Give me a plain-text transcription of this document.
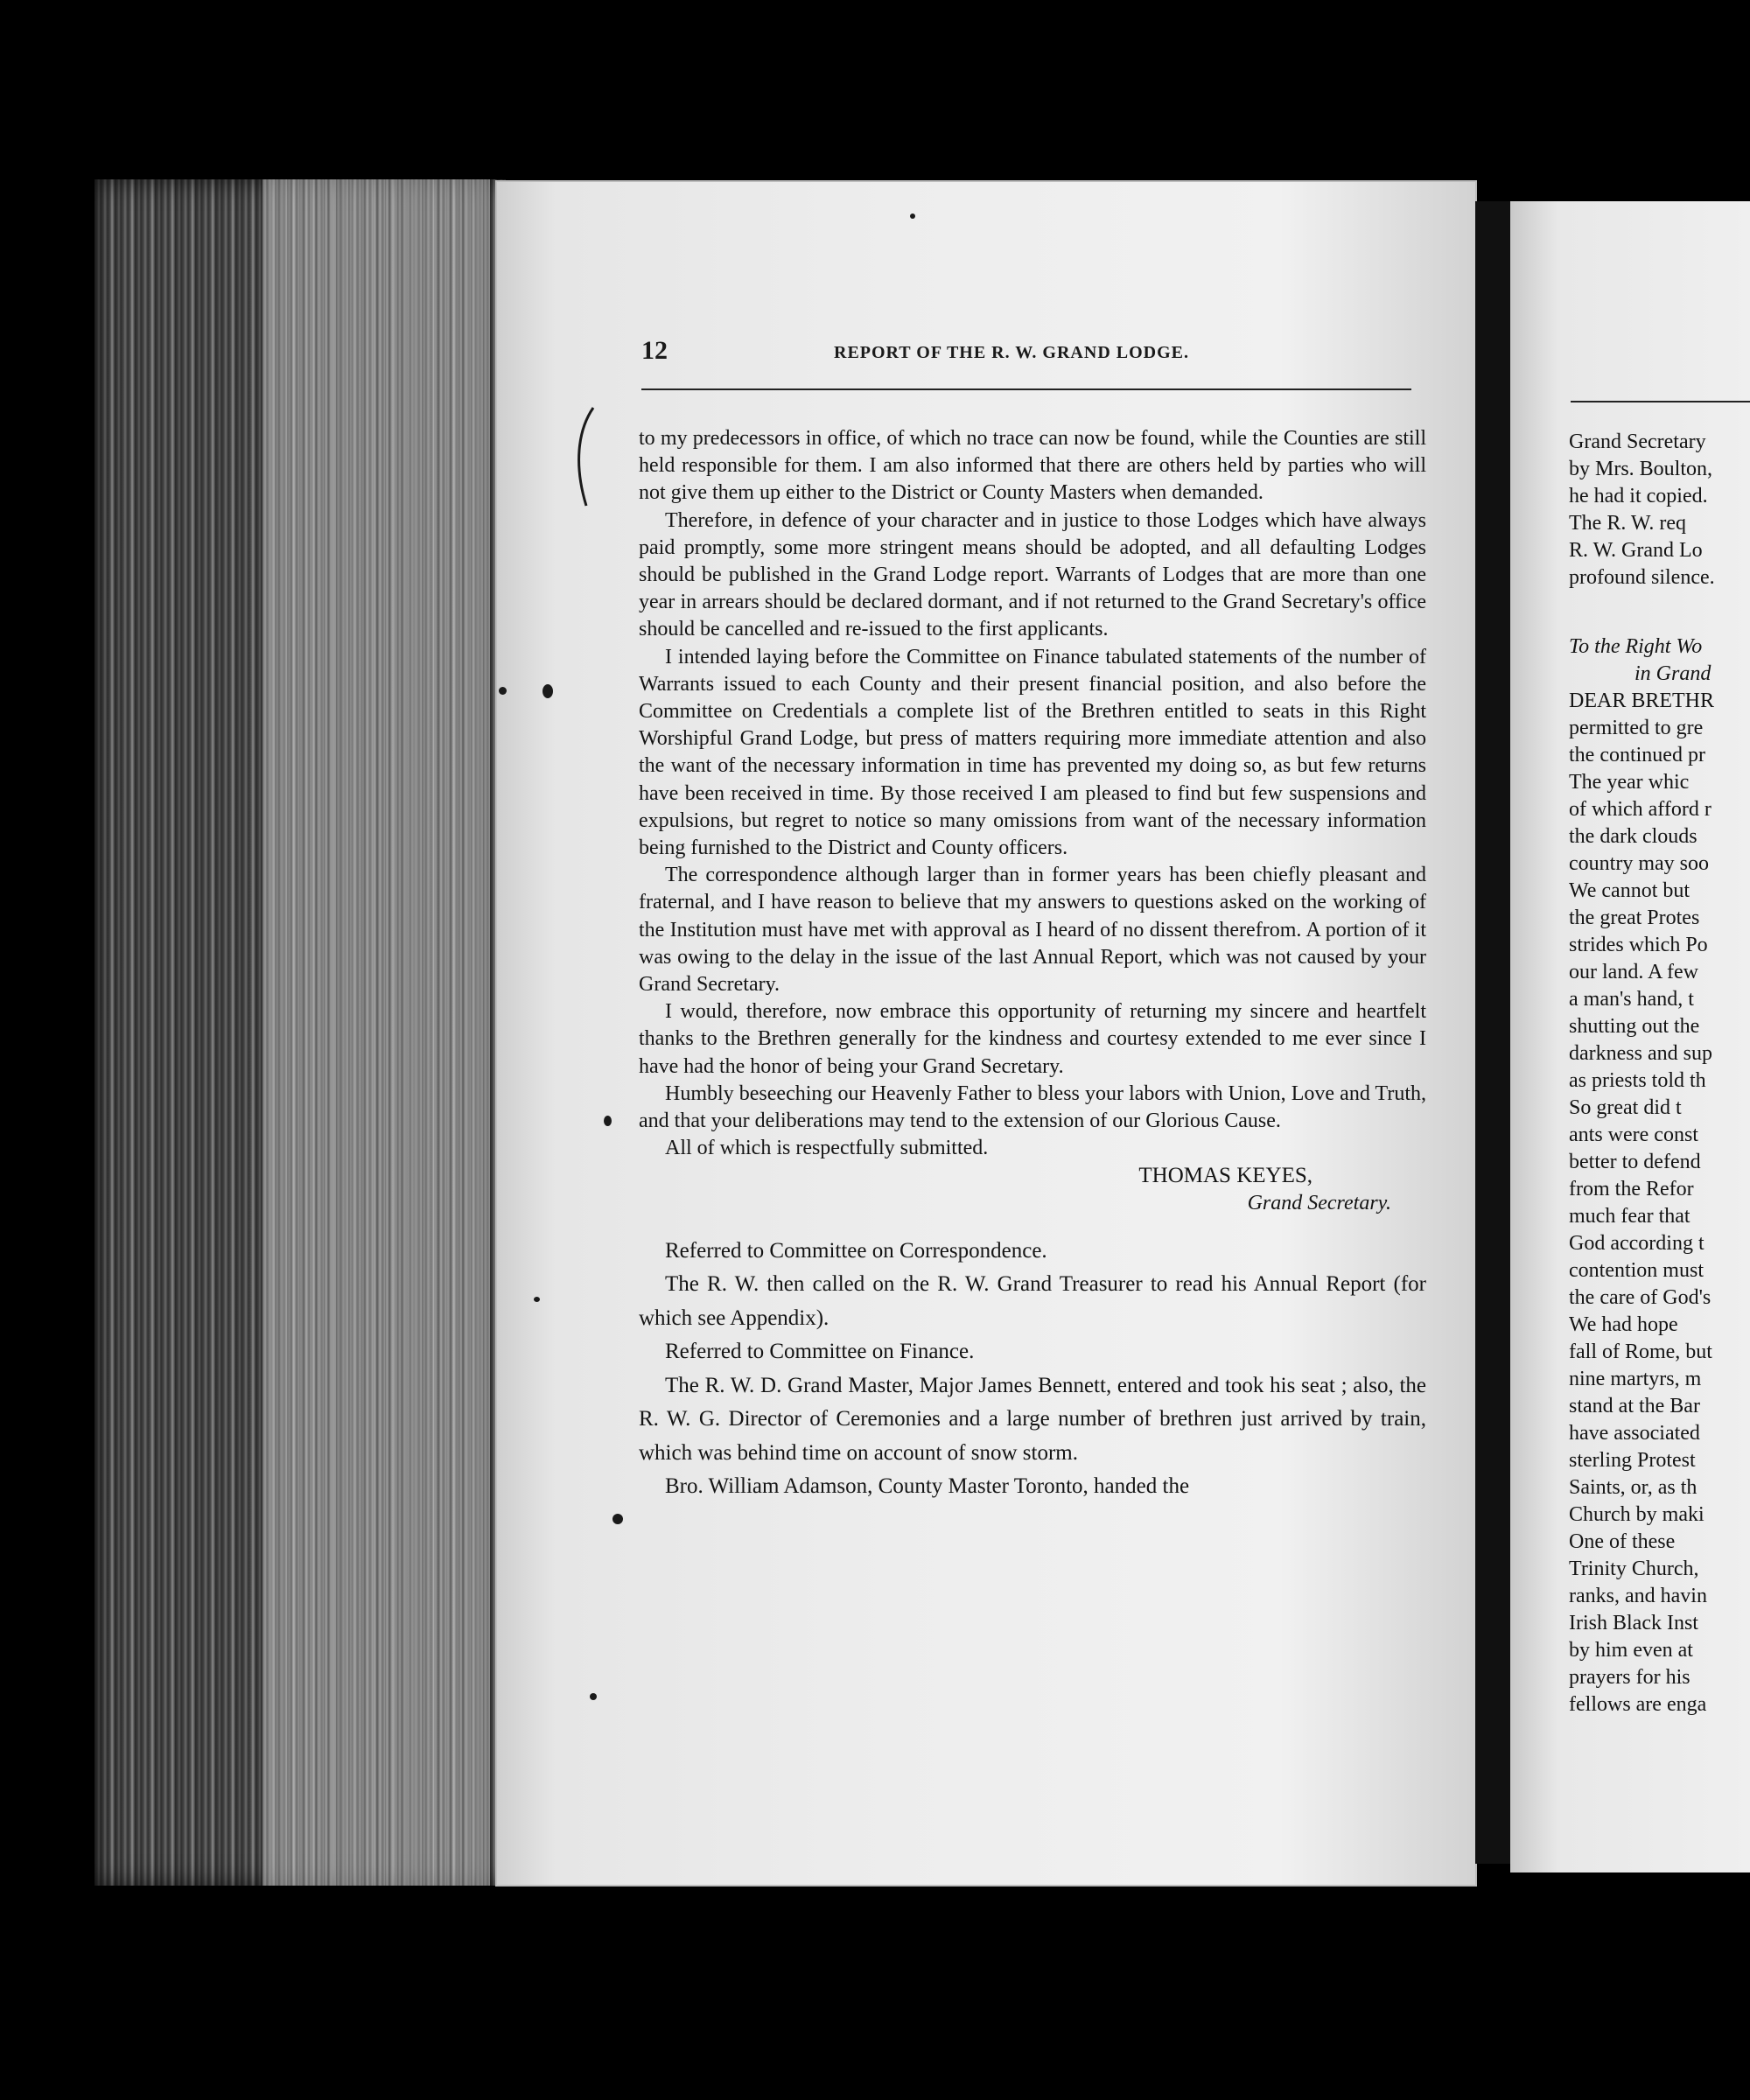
12	REPORT OF THE R. W. GRAND LODGE.

to my predecessors in office, of which no trace can now be found, while the Counties are still held responsible for them. I am also informed that there are others held by parties who will not give them up either to the District or County Masters when demanded.

Therefore, in defence of your character and in justice to those Lodges which have always paid promptly, some more stringent means should be adopted, and all defaulting Lodges should be published in the Grand Lodge report. Warrants of Lodges that are more than one year in arrears should be declared dormant, and if not returned to the Grand Secretary's office should be cancelled and re-issued to the first applicants.

I intended laying before the Committee on Finance tabulated statements of the number of Warrants issued to each County and their present financial position, and also before the Committee on Credentials a complete list of the Brethren entitled to seats in this Right Worshipful Grand Lodge, but press of matters requiring more immediate attention and also the want of the necessary information in time has prevented my doing so, as but few returns have been received in time. By those received I am pleased to find but few suspensions and expulsions, but regret to notice so many omissions from want of the necessary information being furnished to the District and County officers.

The correspondence although larger than in former years has been chiefly pleasant and fraternal, and I have reason to believe that my answers to questions asked on the working of the Institution must have met with approval as I heard of no dissent therefrom. A portion of it was owing to the delay in the issue of the last Annual Report, which was not caused by your Grand Secretary.

I would, therefore, now embrace this opportunity of returning my sincere and heartfelt thanks to the Brethren generally for the kindness and courtesy extended to me ever since I have had the honor of being your Grand Secretary.

Humbly beseeching our Heavenly Father to bless your labors with Union, Love and Truth, and that your deliberations may tend to the extension of our Glorious Cause.

All of which is respectfully submitted.

THOMAS KEYES,
Grand Secretary.

Referred to Committee on Correspondence.

The R. W. then called on the R. W. Grand Treasurer to read his Annual Report (for which see Appendix).

Referred to Committee on Finance.

The R. W. D. Grand Master, Major James Bennett, entered and took his seat ; also, the R. W. G. Director of Ceremonies and a large number of brethren just arrived by train, which was behind time on account of snow storm.

Bro. William Adamson, County Master Toronto, handed the

Grand Secretary
by Mrs. Boulton,
he had it copied.
The R. W. req
R. W. Grand Lo
profound silence.
To the Right Wo
in Grand
DEAR BRETHR
permitted to gre
the continued pr
The year whic
of which afford r
the dark clouds
country may soo
We cannot but
the great Protes
strides which Po
our land. A few
a man's hand, t
shutting out the
darkness and sup
as priests told th
So great did t
ants were const
better to defend
from the Refor
much fear that
God according t
contention must
the care of God's
We had hope
fall of Rome, but
nine martyrs, m
stand at the Bar
have associated
sterling Protest
Saints, or, as th
Church by maki
One of these
Trinity Church,
ranks, and havin
Irish Black Inst
by him even at
prayers for his
fellows are enga
